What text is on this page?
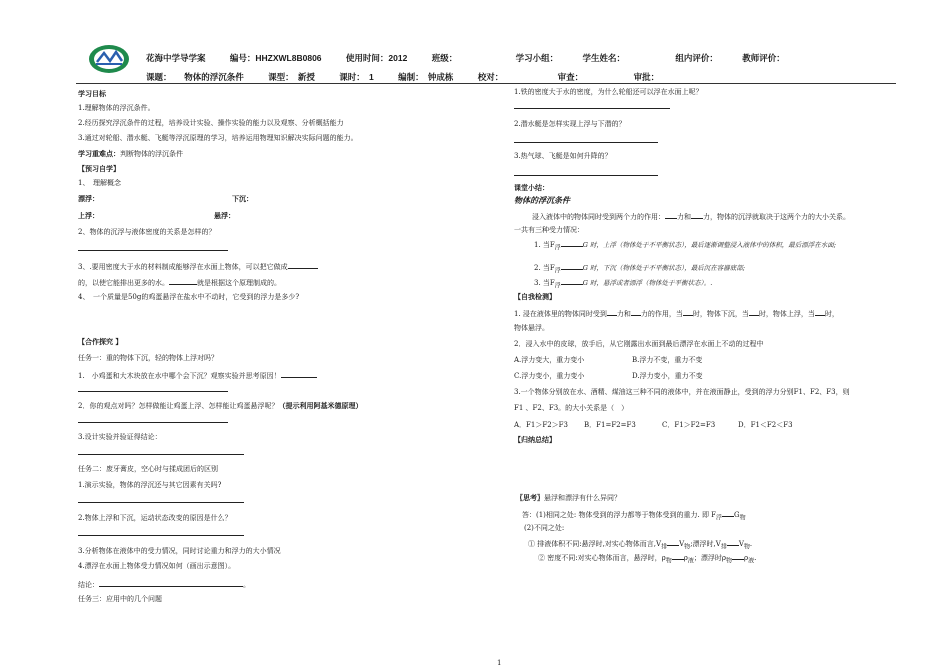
花海中学导学案	编号：HHZXWL8B0806	使用时间：2012	班级：	学习小组：	学生姓名：	组内评价：	教师评价：
课题：　　物体的浮沉条件	课型：　新授	课时：　1	编制：　钟成栋	校对：	审查：	审批：
学习目标
1.理解物体的浮沉条件。
2.经历探究浮沉条件的过程，培养设计实验、操作实验的能力以及观察、分析概括能力
3.通过对轮船、潜水艇、飞艇等浮沉原理的学习，培养运用物理知识解决实际问题的能力。
学习重难点：判断物体的浮沉条件
【预习自学】
1、　理解概念
漂浮：	下沉：
上浮：	悬浮：
2、物体的沉浮与液体密度的关系是怎样的？
3、.要用密度大于水的材料制成能够浮在水面上物体，可以把它做成
的，以使它能排出更多的水。	就是根据这个原理制成的。
4、　一个质量是50g的鸡蛋悬浮在盐水中不动时，它受到的浮力是多少?
【合作探究 】
任务一：重的物体下沉，轻的物体上浮对吗？
1.　小鸡蛋和大木块放在水中哪个会下沉？观察实验并思考原因！
2．你的观点对吗？怎样做能让鸡蛋上浮、怎样能让鸡蛋悬浮呢？（提示利用阿基米德原理）
3.设计实验并验证得结论：
任务二：废牙膏皮，空心时与揉成团后的区别
1.演示实验，物体的浮沉还与其它因素有关吗?
2.物体上浮和下沉，运动状态改变的原因是什么？
3.分析物体在液体中的受力情况，同时讨论重力和浮力的大小情况
4.漂浮在水面上物体受力情况如何（画出示意图）。
结论：	。
任务三：应用中的几个问题
1.铁的密度大于水的密度，为什么轮船还可以浮在水面上呢？
2.潜水艇是怎样实现上浮与下潜的？
3.热气球、飞艇是如何升降的？
课堂小结：
物体的浮沉条件
浸入液体中的物体同时受到两个力的作用： 力和 力，物体的沉浮就取决于这两个力的大小关系。
一共有三种受力情况：
1. 当$F_浮$	G 时，上浮（物体处于不平衡状态），最后逐渐调整浸入液体中的体积，最后漂浮在水面;
2. 当$F_浮$	G 时，下沉（物体处于不平衡状态），最后沉在容器底部;
3. 当$F_浮$	G 时，悬浮或者漂浮（物体处于平衡状态）。.
【自我检测】
1. 浸在液体里的物体同时受到 力和 力的作用，当 时，物体下沉，当 时，物体上浮，当 时，
物体悬浮。
2．浸入水中的皮球，放手后，从它刚露出水面到最后漂浮在水面上不动的过程中
A.浮力变大，重力变小	B.浮力不变，重力不变
C.浮力变小，重力变小	D.浮力变小，重力不变
3.一个物体分别放在水、酒精、煤油这三种不同的液体中，并在液面静止，受到的浮力分别F1、F2、F3，则
F1 、F2、F3。的大小关系是（　）
A．F1＞F2＞F3 B．F1=F2=F3	C．F1＞F2=F3	D．F1＜F2＜F3
【归纳总结】
〖思考〗悬浮和漂浮有什么异同？
答：(1)相同之处: 物体受到的浮力都等于物体受到的重力. 即 $F_浮$ $G_物$
(2)不同之处:
① 排液体积不同:悬浮时,对实心物体而言$,V_排$ $V_物$;漂浮时$,V_排$ $V_物$.
② 密度不同:对实心物体而言，悬浮时，$\rho_物$ $\rho_液$；漂浮时$\rho_物$ $\rho_液$.
1
